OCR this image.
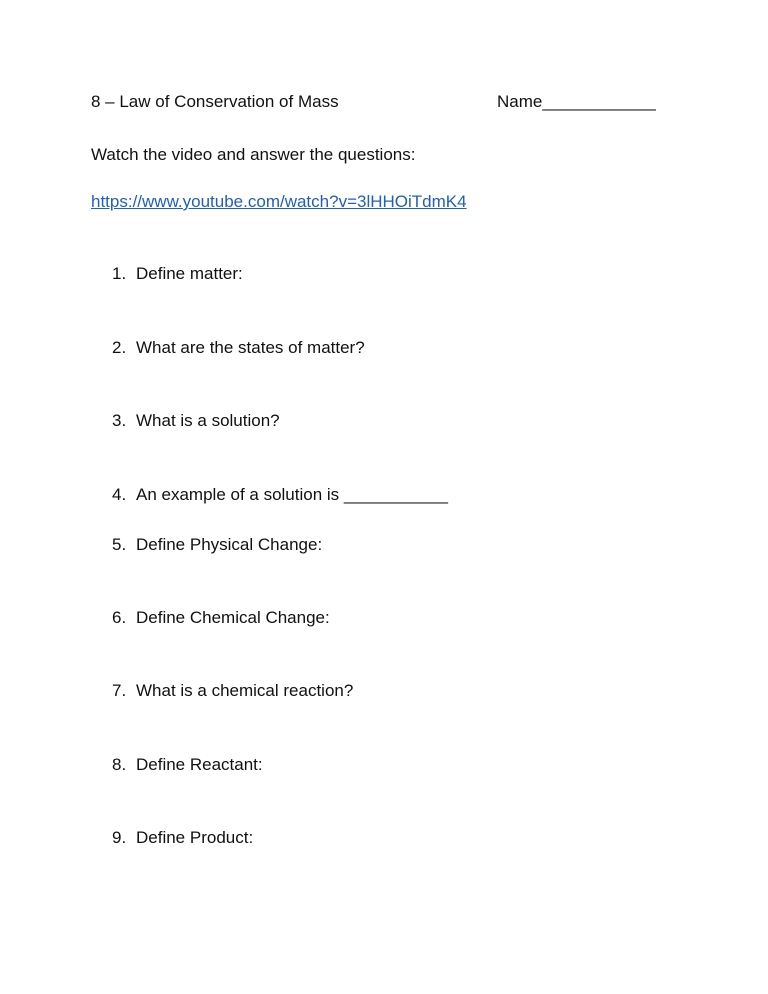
8 – Law of Conservation of Mass	Name____________
Watch the video and answer the questions:
https://www.youtube.com/watch?v=3lHHOiTdmK4
1. Define matter:
2. What are the states of matter?
3. What is a solution?
4. An example of a solution is ___________
5. Define Physical Change:
6. Define Chemical Change:
7. What is a chemical reaction?
8. Define Reactant:
9. Define Product:
